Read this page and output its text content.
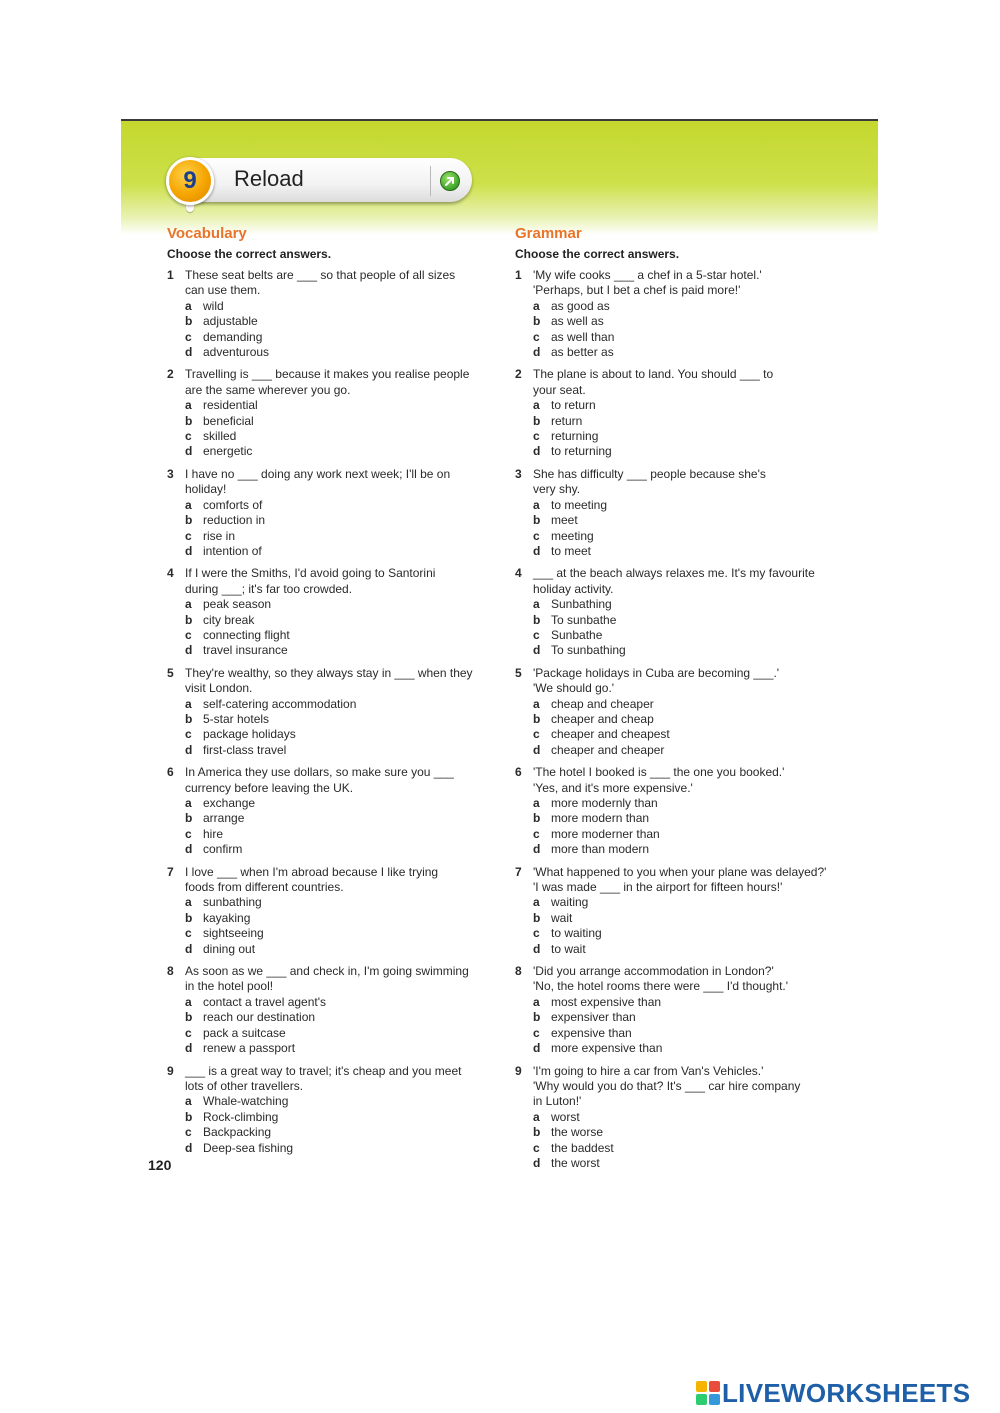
9 Reload
Vocabulary
Choose the correct answers.
1 These seat belts are ___ so that people of all sizes
can use them.
a wild
b adjustable
c demanding
d adventurous
2 Travelling is ___ because it makes you realise people
are the same wherever you go.
a residential
b beneficial
c skilled
d energetic
3 I have no ___ doing any work next week; I'll be on
holiday!
a comforts of
b reduction in
c rise in
d intention of
4 If I were the Smiths, I'd avoid going to Santorini
during ___; it's far too crowded.
a peak season
b city break
c connecting flight
d travel insurance
5 They're wealthy, so they always stay in ___ when they
visit London.
a self-catering accommodation
b 5-star hotels
c package holidays
d first-class travel
6 In America they use dollars, so make sure you ___
currency before leaving the UK.
a exchange
b arrange
c hire
d confirm
7 I love ___ when I'm abroad because I like trying
foods from different countries.
a sunbathing
b kayaking
c sightseeing
d dining out
8 As soon as we ___ and check in, I'm going swimming
in the hotel pool!
a contact a travel agent's
b reach our destination
c pack a suitcase
d renew a passport
9 ___ is a great way to travel; it's cheap and you meet
lots of other travellers.
a Whale-watching
b Rock-climbing
c Backpacking
d Deep-sea fishing
Grammar
Choose the correct answers.
1 'My wife cooks ___ a chef in a 5-star hotel.'
'Perhaps, but I bet a chef is paid more!'
a as good as
b as well as
c as well than
d as better as
2 The plane is about to land. You should ___ to
your seat.
a to return
b return
c returning
d to returning
3 She has difficulty ___ people because she's
very shy.
a to meeting
b meet
c meeting
d to meet
4 ___ at the beach always relaxes me. It's my favourite
holiday activity.
a Sunbathing
b To sunbathe
c Sunbathe
d To sunbathing
5 'Package holidays in Cuba are becoming ___.'
'We should go.'
a cheap and cheaper
b cheaper and cheap
c cheaper and cheapest
d cheaper and cheaper
6 'The hotel I booked is ___ the one you booked.'
'Yes, and it's more expensive.'
a more modernly than
b more modern than
c more moderner than
d more than modern
7 'What happened to you when your plane was delayed?'
'I was made ___ in the airport for fifteen hours!'
a waiting
b wait
c to waiting
d to wait
8 'Did you arrange accommodation in London?'
'No, the hotel rooms there were ___ I'd thought.'
a most expensive than
b expensiver than
c expensive than
d more expensive than
9 'I'm going to hire a car from Van's Vehicles.'
'Why would you do that? It's ___ car hire company
in Luton!'
a worst
b the worse
c the baddest
d the worst
120
LIVEWORKSHEETS
